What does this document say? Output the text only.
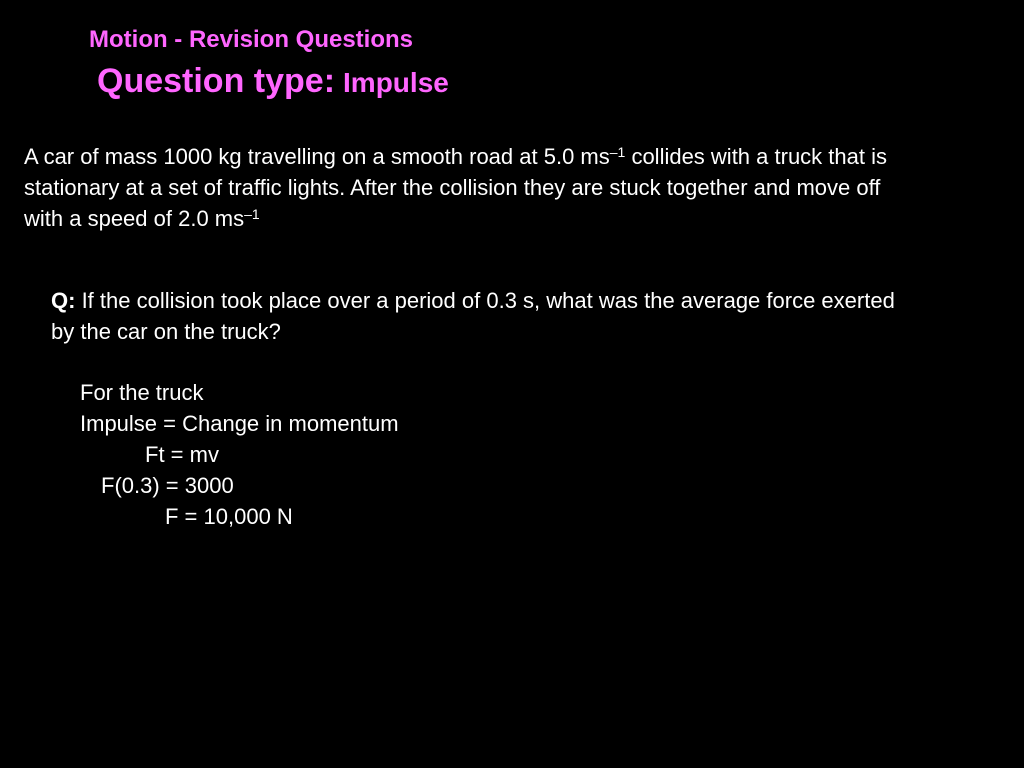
Motion - Revision Questions
Question type: Impulse
A car of mass 1000 kg travelling on a smooth road at 5.0 $ms^{-1}$ collides with a truck that is stationary at a set of traffic lights. After the collision they are stuck together and move off with a speed of 2.0 $ms^{-1}$
Q: If the collision took place over a period of 0.3 s, what was the average force exerted by the car on the truck?
For the truck
Impulse = Change in momentum
Ft = mv
F(0.3) = 3000
F = 10,000 N
